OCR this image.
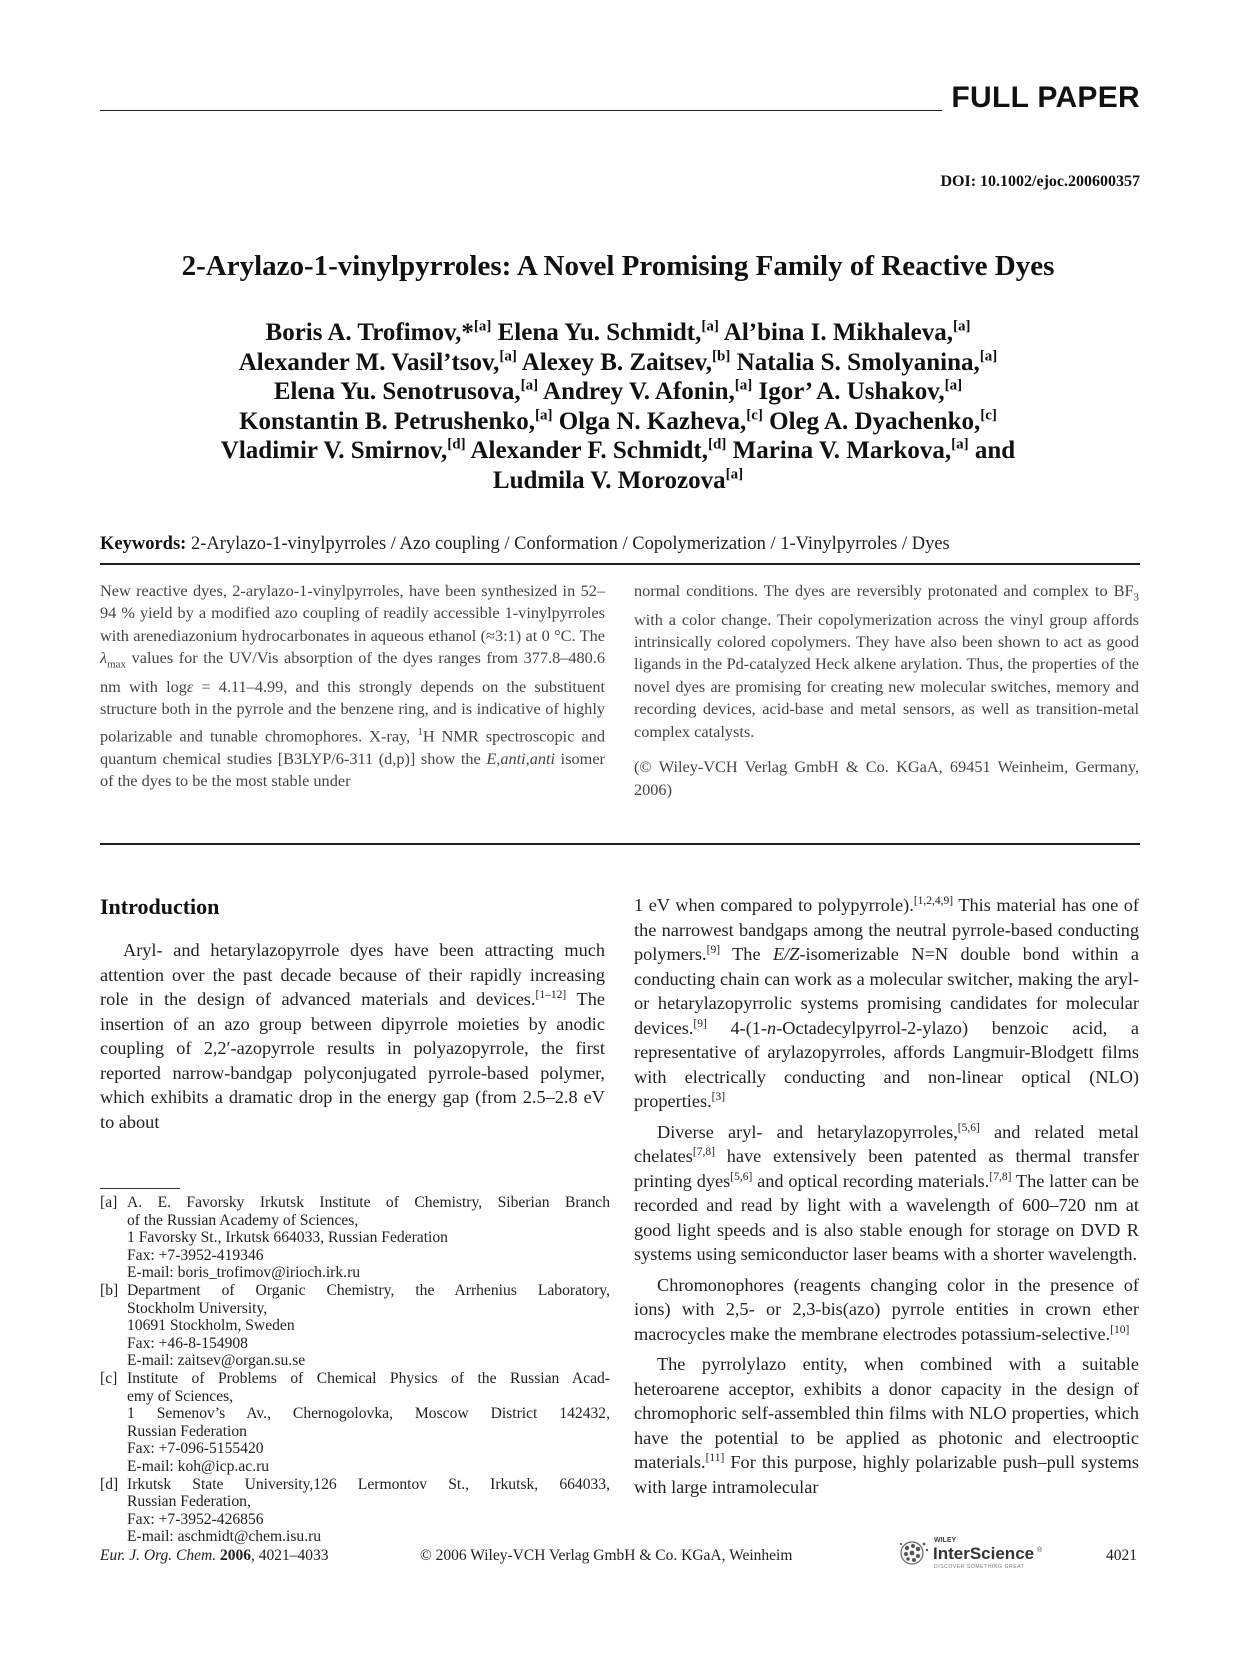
FULL PAPER
DOI: 10.1002/ejoc.200600357
2-Arylazo-1-vinylpyrroles: A Novel Promising Family of Reactive Dyes
Boris A. Trofimov,*[a] Elena Yu. Schmidt,[a] Al’bina I. Mikhaleva,[a]
Alexander M. Vasil’tsov,[a] Alexey B. Zaitsev,[b] Natalia S. Smolyanina,[a]
Elena Yu. Senotrusova,[a] Andrey V. Afonin,[a] Igor’ A. Ushakov,[a]
Konstantin B. Petrushenko,[a] Olga N. Kazheva,[c] Oleg A. Dyachenko,[c]
Vladimir V. Smirnov,[d] Alexander F. Schmidt,[d] Marina V. Markova,[a] and
Ludmila V. Morozova[a]
Keywords: 2-Arylazo-1-vinylpyrroles / Azo coupling / Conformation / Copolymerization / 1-Vinylpyrroles / Dyes

New reactive dyes, 2-arylazo-1-vinylpyrroles, have been synthesized in 52–94 % yield by a modified azo coupling of readily accessible 1-vinylpyrroles with arenediazonium hydrocarbonates in aqueous ethanol (≈3:1) at 0 °C. The $\lambda_{max}$ values for the UV/Vis absorption of the dyes ranges from 377.8–480.6 nm with logε = 4.11–4.99, and this strongly depends on the substituent structure both in the pyrrole and the benzene ring, and is indicative of highly polarizable and tunable chromophores. X-ray, $^1$H NMR spectroscopic and quantum chemical studies [B3LYP/6-311 (d,p)] show the E,anti,anti isomer of the dyes to be the most stable under

normal conditions. The dyes are reversibly protonated and complex to $BF_3$ with a color change. Their copolymerization across the vinyl group affords intrinsically colored copolymers. They have also been shown to act as good ligands in the Pd-catalyzed Heck alkene arylation. Thus, the properties of the novel dyes are promising for creating new molecular switches, memory and recording devices, acid-base and metal sensors, as well as transition-metal complex catalysts.

(© Wiley-VCH Verlag GmbH & Co. KGaA, 69451 Weinheim, Germany, 2006)

Introduction

Aryl- and hetarylazopyrrole dyes have been attracting much attention over the past decade because of their rapidly increasing role in the design of advanced materials and devices.[1–12] The insertion of an azo group between dipyrrole moieties by anodic coupling of 2,2′-azopyrrole results in polyazopyrrole, the first reported narrow-bandgap polyconjugated pyrrole-based polymer, which exhibits a dramatic drop in the energy gap (from 2.5–2.8 eV to about

1 eV when compared to polypyrrole).[1,2,4,9] This material has one of the narrowest bandgaps among the neutral pyrrole-based conducting polymers.[9] The E/Z-isomerizable N=N double bond within a conducting chain can work as a molecular switcher, making the aryl- or hetarylazopyrrolic systems promising candidates for molecular devices.[9] 4-(1-n-Octadecylpyrrol-2-ylazo) benzoic acid, a representative of arylazopyrroles, affords Langmuir-Blodgett films with electrically conducting and non-linear optical (NLO) properties.[3]

Diverse aryl- and hetarylazopyrroles,[5,6] and related metal chelates[7,8] have extensively been patented as thermal transfer printing dyes[5,6] and optical recording materials.[7,8] The latter can be recorded and read by light with a wavelength of 600–720 nm at good light speeds and is also stable enough for storage on DVD R systems using semiconductor laser beams with a shorter wavelength.

Chromonophores (reagents changing color in the presence of ions) with 2,5- or 2,3-bis(azo) pyrrole entities in crown ether macrocycles make the membrane electrodes potassium-selective.[10]

The pyrrolylazo entity, when combined with a suitable heteroarene acceptor, exhibits a donor capacity in the design of chromophoric self-assembled thin films with NLO properties, which have the potential to be applied as photonic and electrooptic materials.[11] For this purpose, highly polarizable push–pull systems with large intramolecular

[a] A. E. Favorsky Irkutsk Institute of Chemistry, Siberian Branch
of the Russian Academy of Sciences,
1 Favorsky St., Irkutsk 664033, Russian Federation
Fax: +7-3952-419346
E-mail: boris_trofimov@irioch.irk.ru
[b] Department of Organic Chemistry, the Arrhenius Laboratory,
Stockholm University,
10691 Stockholm, Sweden
Fax: +46-8-154908
E-mail: zaitsev@organ.su.se
[c] Institute of Problems of Chemical Physics of the Russian Acad-
emy of Sciences,
1 Semenov’s Av., Chernogolovka, Moscow District 142432,
Russian Federation
Fax: +7-096-5155420
E-mail: koh@icp.ac.ru
[d] Irkutsk State University,126 Lermontov St., Irkutsk, 664033,
Russian Federation,
Fax: +7-3952-426856
E-mail: aschmidt@chem.isu.ru
Eur. J. Org. Chem. 2006, 4021–4033	© 2006 Wiley-VCH Verlag GmbH & Co. KGaA, Weinheim
WILEY
InterScience ®
DISCOVER SOMETHING GREAT
4021
